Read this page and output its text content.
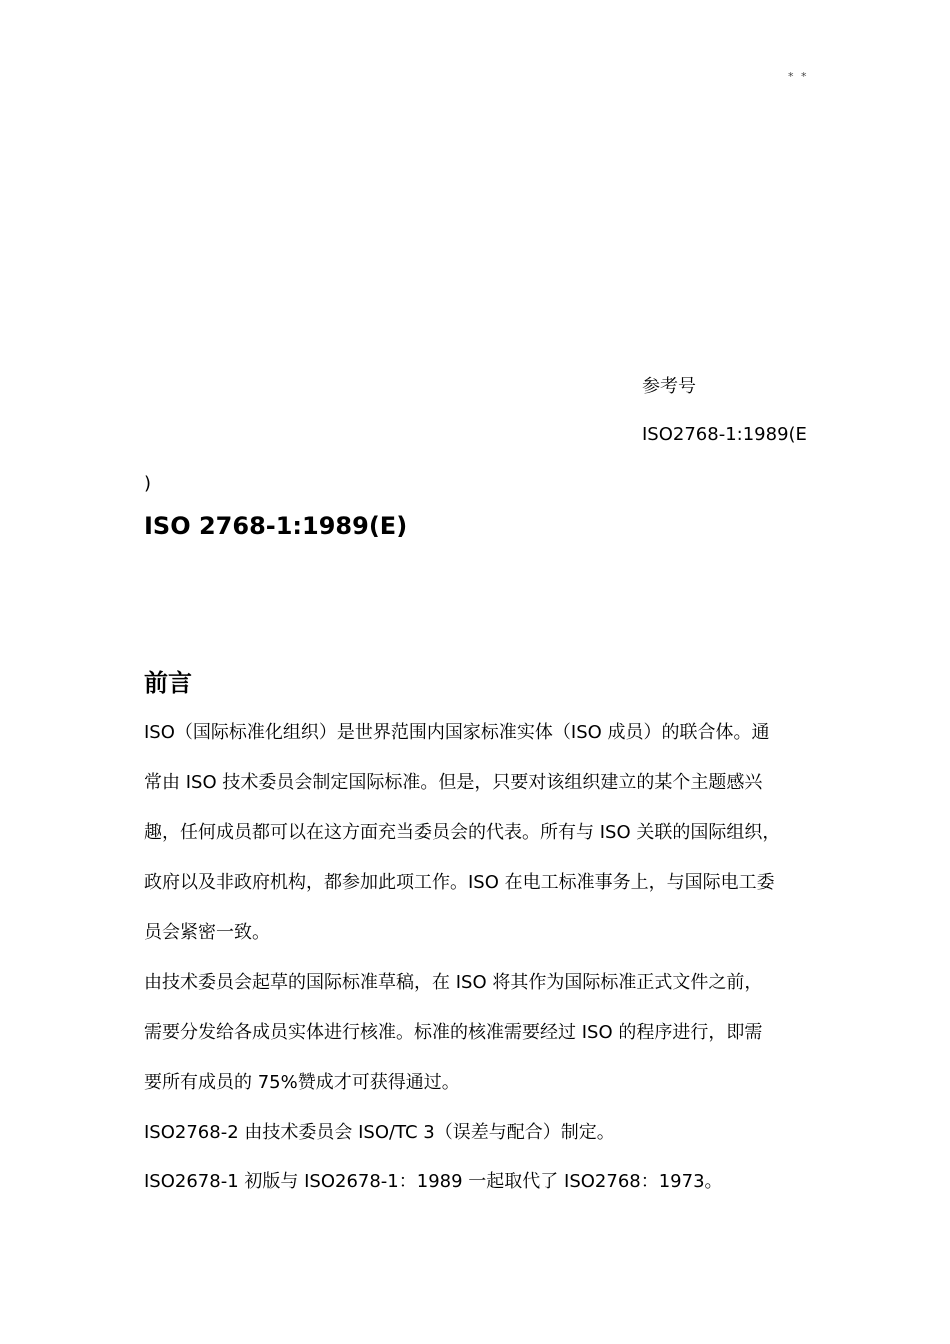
* *
参考号
ISO2768-1:1989(E
)
ISO 2768-1:1989(E)
前言

ISO（国际标准化组织）是世界范围内国家标准实体（ISO 成员）的联合体。通
常由 ISO 技术委员会制定国际标准。但是，只要对该组织建立的某个主题感兴
趣，任何成员都可以在这方面充当委员会的代表。所有与 ISO 关联的国际组织，
政府以及非政府机构，都参加此项工作。ISO 在电工标准事务上，与国际电工委
员会紧密一致。

由技术委员会起草的国际标准草稿，在 ISO 将其作为国际标准正式文件之前，
需要分发给各成员实体进行核准。标准的核准需要经过 ISO 的程序进行，即需
要所有成员的 75%赞成才可获得通过。

ISO2768-2 由技术委员会 ISO/TC 3（误差与配合）制定。

ISO2678-1 初版与 ISO2678-1：1989 一起取代了 ISO2768：1973。
